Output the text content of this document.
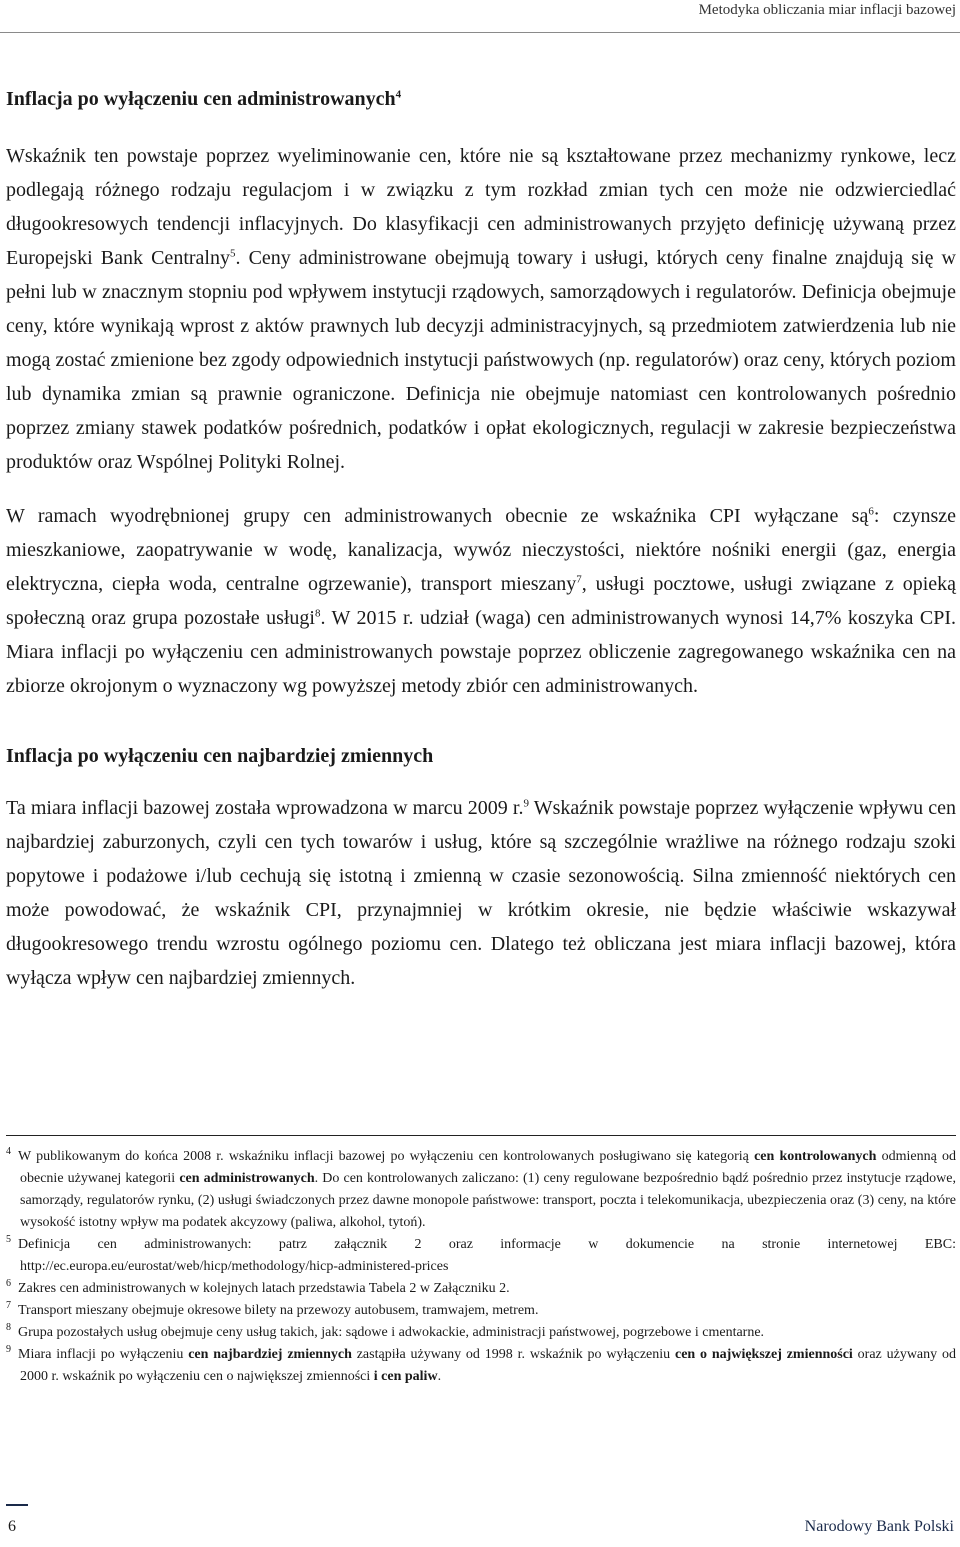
Metodyka obliczania miar inflacji bazowej
Inflacja po wyłączeniu cen administrowanych$^4$

Wskaźnik ten powstaje poprzez wyeliminowanie cen, które nie są kształtowane przez mechanizmy rynkowe, lecz podlegają różnego rodzaju regulacjom i w związku z tym rozkład zmian tych cen może nie odzwierciedlać długookresowych tendencji inflacyjnych. Do klasyfikacji cen administrowanych przyjęto definicję używaną przez Europejski Bank Centralny$^5$. Ceny administrowane obejmują towary i usługi, których ceny finalne znajdują się w pełni lub w znacznym stopniu pod wpływem instytucji rządowych, samorządowych i regulatorów. Definicja obejmuje ceny, które wynikają wprost z aktów prawnych lub decyzji administracyjnych, są przedmiotem zatwierdzenia lub nie mogą zostać zmienione bez zgody odpowiednich instytucji państwowych (np. regulatorów) oraz ceny, których poziom lub dynamika zmian są prawnie ograniczone. Definicja nie obejmuje natomiast cen kontrolowanych pośrednio poprzez zmiany stawek podatków pośrednich, podatków i opłat ekologicznych, regulacji w zakresie bezpieczeństwa produktów oraz Wspólnej Polityki Rolnej.

W ramach wyodrębnionej grupy cen administrowanych obecnie ze wskaźnika CPI wyłączane $są^6$: czynsze mieszkaniowe, zaopatrywanie w wodę, kanalizacja, wywóz nieczystości, niektóre nośniki energii (gaz, energia elektryczna, ciepła woda, centralne ogrzewanie), transport mieszany$^7$, usługi pocztowe, usługi związane z opieką społeczną oraz grupa pozostałe usługi$^8$. W 2015 r. udział (waga) cen administrowanych wynosi 14,7% koszyka CPI. Miara inflacji po wyłączeniu cen administrowanych powstaje poprzez obliczenie zagregowanego wskaźnika cen na zbiorze okrojonym o wyznaczony wg powyższej metody zbiór cen administrowanych.

Inflacja po wyłączeniu cen najbardziej zmiennych

Ta miara inflacji bazowej została wprowadzona w marcu 2009 r.$^9$ Wskaźnik powstaje poprzez wyłączenie wpływu cen najbardziej zaburzonych, czyli cen tych towarów i usług, które są szczególnie wrażliwe na różnego rodzaju szoki popytowe i podażowe i/lub cechują się istotną i zmienną w czasie sezonowością. Silna zmienność niektórych cen może powodować, że wskaźnik CPI, przynajmniej w krótkim okresie, nie będzie właściwie wskazywał długookresowego trendu wzrostu ogólnego poziomu cen. Dlatego też obliczana jest miara inflacji bazowej, która wyłącza wpływ cen najbardziej zmiennych.

4 W publikowanym do końca 2008 r. wskaźniku inflacji bazowej po wyłączeniu cen kontrolowanych posługiwano się kategorią cen kontrolowanych odmienną od obecnie używanej kategorii cen administrowanych. Do cen kontrolowanych zaliczano: (1) ceny regulowane bezpośrednio bądź pośrednio przez instytucje rządowe, samorządy, regulatorów rynku, (2) usługi świadczonych przez dawne monopole państwowe: transport, poczta i telekomunikacja, ubezpieczenia oraz (3) ceny, na które wysokość istotny wpływ ma podatek akcyzowy (paliwa, alkohol, tytoń).

5 Definicja cen administrowanych: patrz załącznik 2 oraz informacje w dokumencie na stronie internetowej EBC: http://ec.europa.eu/eurostat/web/hicp/methodology/hicp-administered-prices

6 Zakres cen administrowanych w kolejnych latach przedstawia Tabela 2 w Załączniku 2.

7 Transport mieszany obejmuje okresowe bilety na przewozy autobusem, tramwajem, metrem.

8 Grupa pozostałych usług obejmuje ceny usług takich, jak: sądowe i adwokackie, administracji państwowej, pogrzebowe i cmentarne.

9 Miara inflacji po wyłączeniu cen najbardziej zmiennych zastąpiła używany od 1998 r. wskaźnik po wyłączeniu cen o największej zmienności oraz używany od 2000 r. wskaźnik po wyłączeniu cen o największej zmienności i cen paliw.

6	Narodowy Bank Polski
